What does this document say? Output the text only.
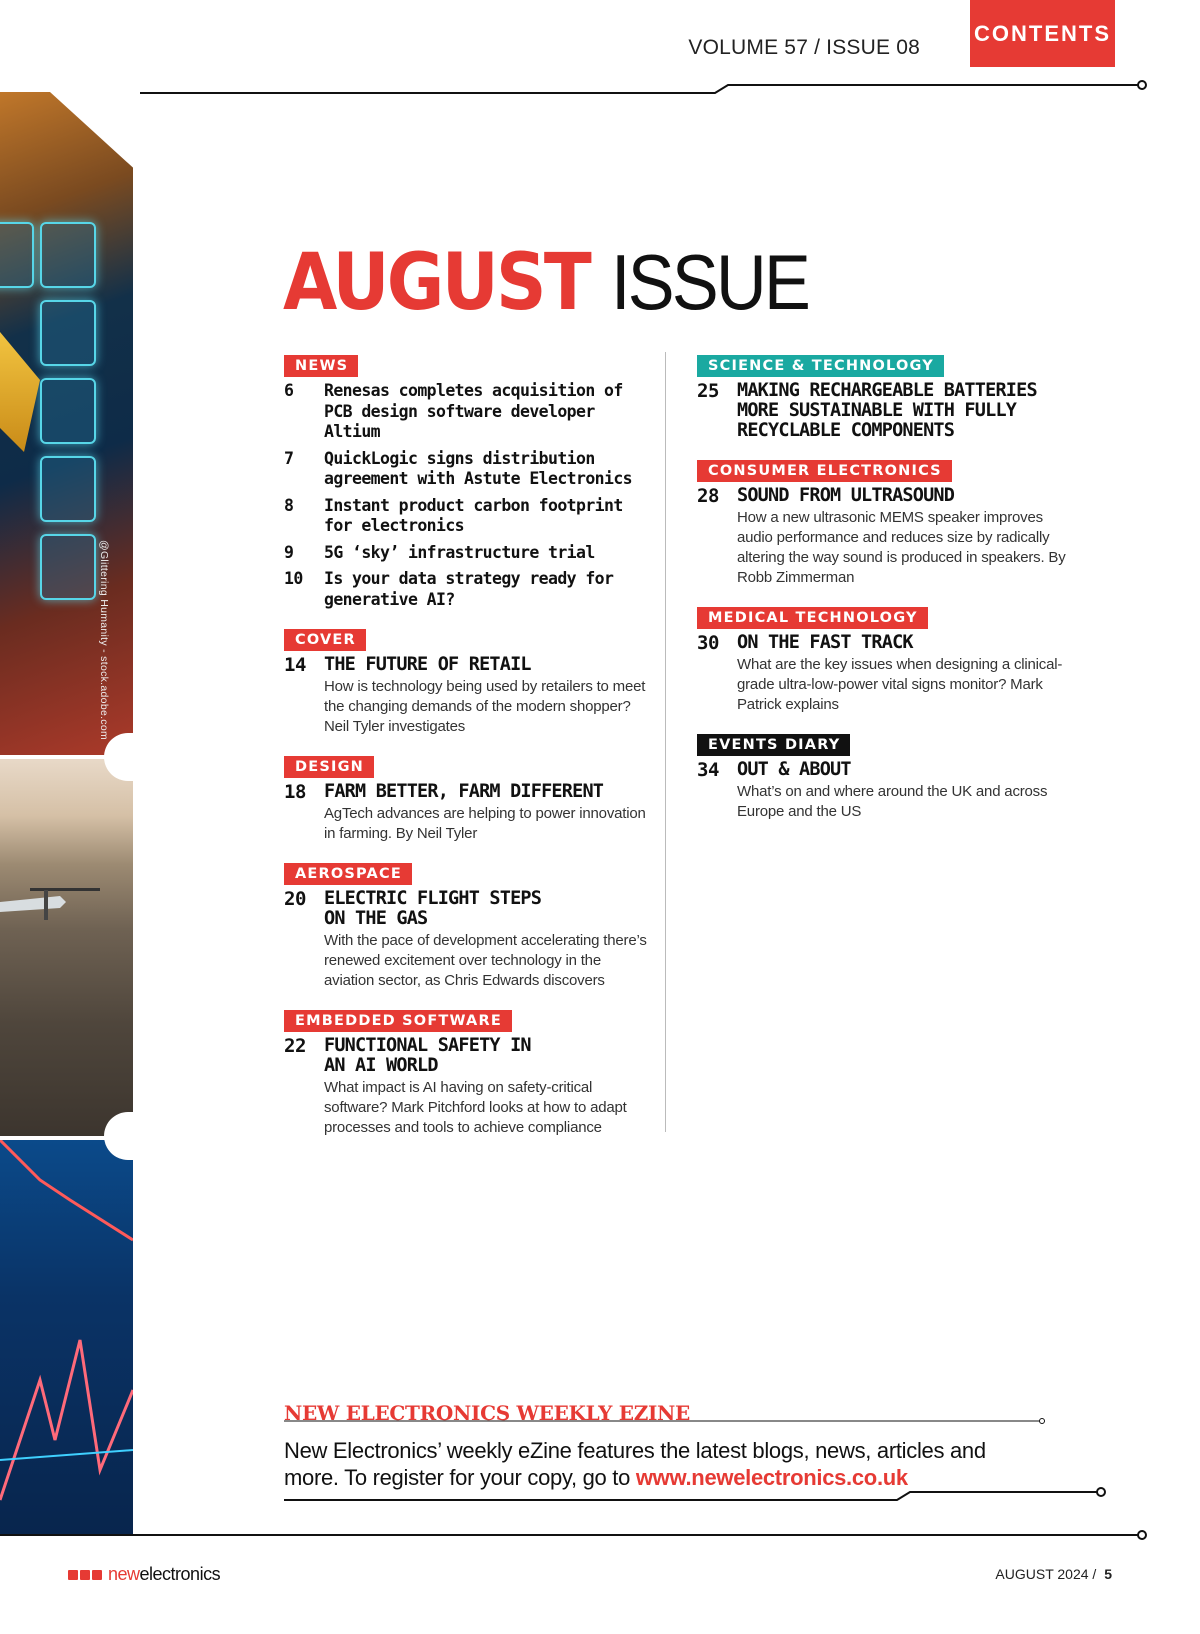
VOLUME 57 / ISSUE 08
CONTENTS
@Glittering Humanity - stock.adobe.com
AUGUST ISSUE
NEWS
6	Renesas completes acquisition of PCB design software developer Altium
7	QuickLogic signs distribution agreement with Astute Electronics
8	Instant product carbon footprint for electronics
9	5G ‘sky’ infrastructure trial
10	Is your data strategy ready for generative AI?
COVER
14 THE FUTURE OF RETAIL
How is technology being used by retailers to meet the changing demands of the modern shopper? Neil Tyler investigates
DESIGN
18 FARM BETTER, FARM DIFFERENT
AgTech advances are helping to power innovation in farming. By Neil Tyler
AEROSPACE
20 ELECTRIC FLIGHT STEPS ON THE GAS
With the pace of development accelerating there’s renewed excitement over technology in the aviation sector, as Chris Edwards discovers
EMBEDDED SOFTWARE
22 FUNCTIONAL SAFETY IN AN AI WORLD
What impact is AI having on safety-critical software? Mark Pitchford looks at how to adapt processes and tools to achieve compliance
SCIENCE & TECHNOLOGY
25 MAKING RECHARGEABLE BATTERIES MORE SUSTAINABLE WITH FULLY RECYCLABLE COMPONENTS
CONSUMER ELECTRONICS
28 SOUND FROM ULTRASOUND
How a new ultrasonic MEMS speaker improves audio performance and reduces size by radically altering the way sound is produced in speakers. By Robb Zimmerman
MEDICAL TECHNOLOGY
30 ON THE FAST TRACK
What are the key issues when designing a clinical-grade ultra-low-power vital signs monitor? Mark Patrick explains
EVENTS DIARY
34 OUT & ABOUT
What’s on and where around the UK and across Europe and the US
NEW ELECTRONICS WEEKLY EZINE
New Electronics’ weekly eZine features the latest blogs, news, articles and more. To register for your copy, go to www.newelectronics.co.uk
newelectronics	AUGUST 2024 / 5
